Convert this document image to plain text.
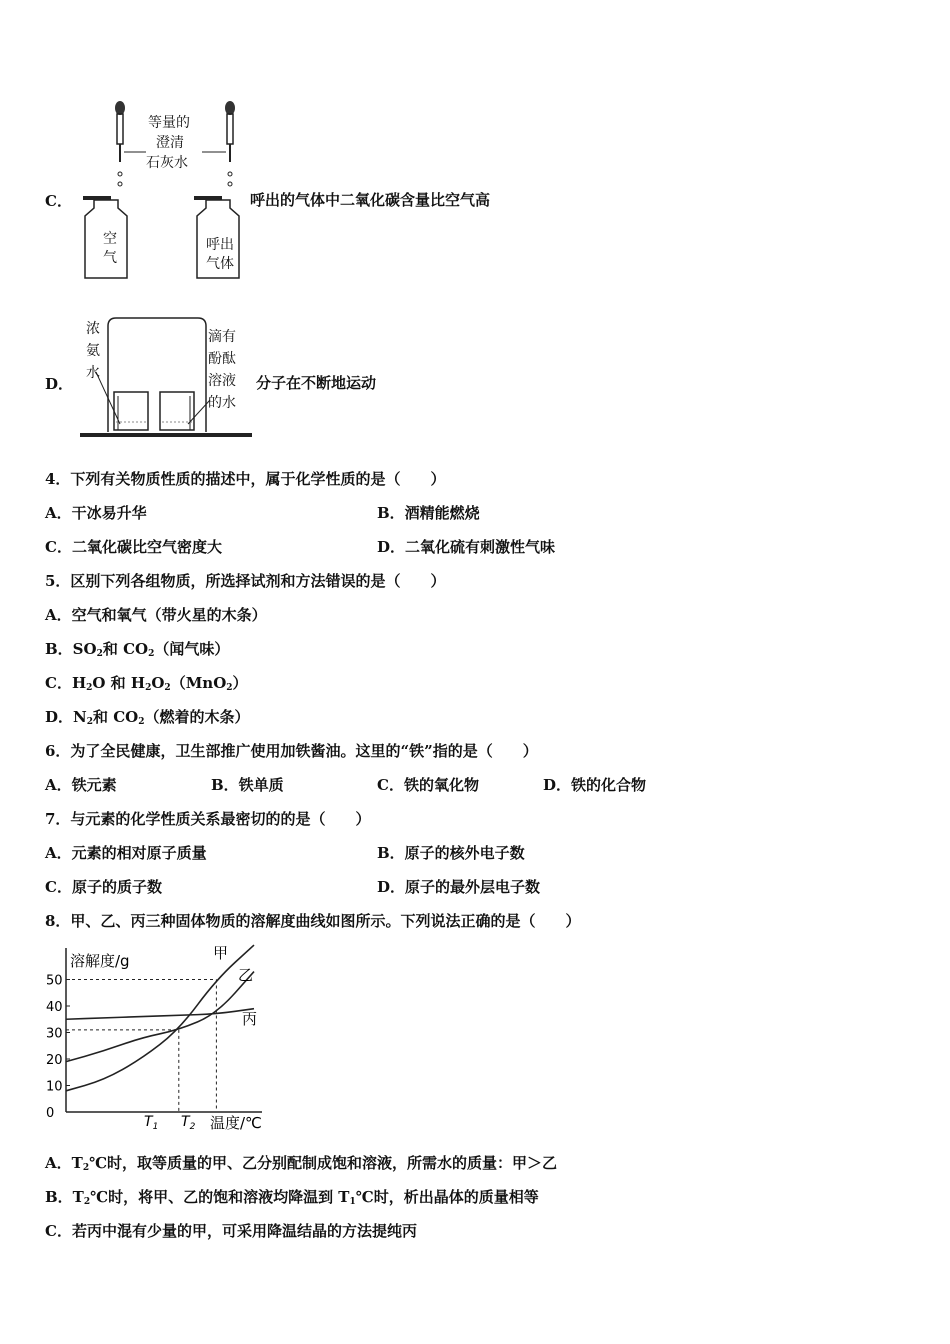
C．
等量的
澄清
石灰水
空
气
呼出
气体
呼出的气体中二氧化碳含量比空气高
D．
浓
氨
水
滴有
酚酞
溶液
的水
分子在不断地运动
4．下列有关物质性质的描述中，属于化学性质的是（　　）
A．干冰易升华	B．酒精能燃烧
C．二氧化碳比空气密度大	D．二氧化硫有刺激性气味
5．区别下列各组物质，所选择试剂和方法错误的是（　　）
A．空气和氧气（带火星的木条）
B．$SO_2$和 $CO_2$（闻气味）
C．$H_2O$ 和 $H_2O_2(MnO_2)$
D．$N_2$和 $CO_2$（燃着的木条）
6．为了全民健康，卫生部推广使用加铁酱油。这里的“铁”指的是（　　）
A．铁元素	B．铁单质	C．铁的氧化物	D．铁的化合物
7．与元素的化学性质关系最密切的的是（　　）
A．元素的相对原子质量	B．原子的核外电子数
C．原子的质子数	D．原子的最外层电子数
8．甲、乙、丙三种固体物质的溶解度曲线如图所示。下列说法正确的是（　　）
0
10
20
30
40
50
溶解度/g
温度/℃
甲
乙
丙
$T_1$ $T_2$
A．$T_2℃$时，取等质量的甲、乙分别配制成饱和溶液，所需水的质量：甲＞乙
B．$T_2℃$时，将甲、乙的饱和溶液均降温到 $T_1℃$时，析出晶体的质量相等
C．若丙中混有少量的甲，可采用降温结晶的方法提纯丙
